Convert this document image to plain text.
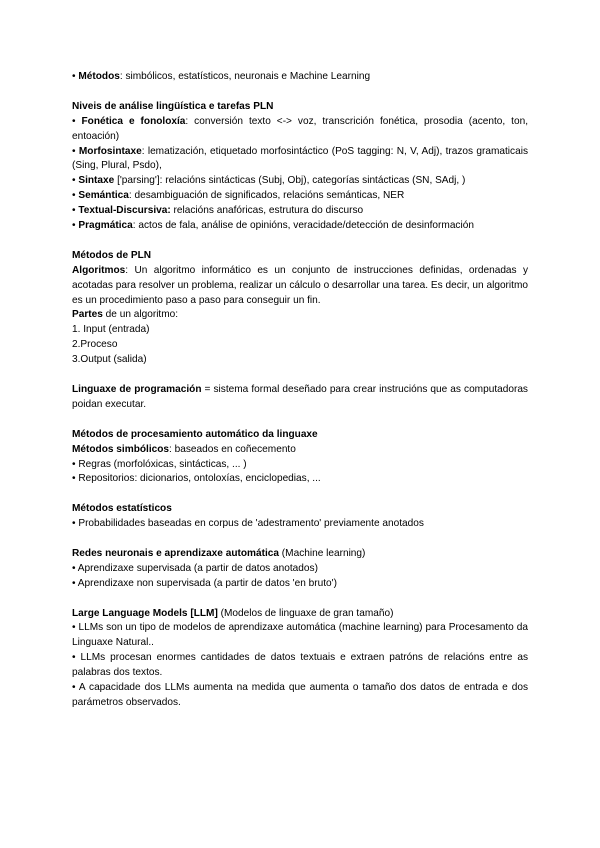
• Métodos: simbólicos, estatísticos, neuronais e Machine Learning

Niveis de análise lingüística e tarefas PLN

• Fonética e fonoloxía: conversión texto <-> voz, transcrición fonética, prosodia (acento, ton, entoación)

• Morfosintaxe: lematización, etiquetado morfosintáctico (PoS tagging: N, V, Adj), trazos gramaticais (Sing, Plural, Psdo),

• Sintaxe ['parsing']: relacións sintácticas (Subj, Obj), categorías sintácticas (SN, SAdj, )

• Semántica: desambiguación de significados, relacións semánticas, NER

• Textual-Discursiva: relacións anafóricas, estrutura do discurso

• Pragmática: actos de fala, análise de opinións, veracidade/detección de desinformación

Métodos de PLN

Algoritmos: Un algoritmo informático es un conjunto de instrucciones definidas, ordenadas y acotadas para resolver un problema, realizar un cálculo o desarrollar una tarea. Es decir, un algoritmo es un procedimiento paso a paso para conseguir un fin.

Partes de un algoritmo:

1. Input (entrada)

2.Proceso

3.Output (salida)

Linguaxe de programación = sistema formal deseñado para crear instrucións que as computadoras poidan executar.

Métodos de procesamiento automático da linguaxe

Métodos simbólicos: baseados en coñecemento

• Regras (morfolóxicas, sintácticas, ... )

• Repositorios: dicionarios, ontoloxías, enciclopedias, ...

Métodos estatísticos

• Probabilidades baseadas en corpus de 'adestramento' previamente anotados

Redes neuronais e aprendizaxe automática (Machine learning)

• Aprendizaxe supervisada (a partir de datos anotados)

• Aprendizaxe non supervisada (a partir de datos 'en bruto')

Large Language Models [LLM] (Modelos de linguaxe de gran tamaño)

• LLMs son un tipo de modelos de aprendizaxe automática (machine learning) para Procesamento da Linguaxe Natural..

• LLMs procesan enormes cantidades de datos textuais e extraen patróns de relacións entre as palabras dos textos.

• A capacidade dos LLMs aumenta na medida que aumenta o tamaño dos datos de entrada e dos parámetros observados.
